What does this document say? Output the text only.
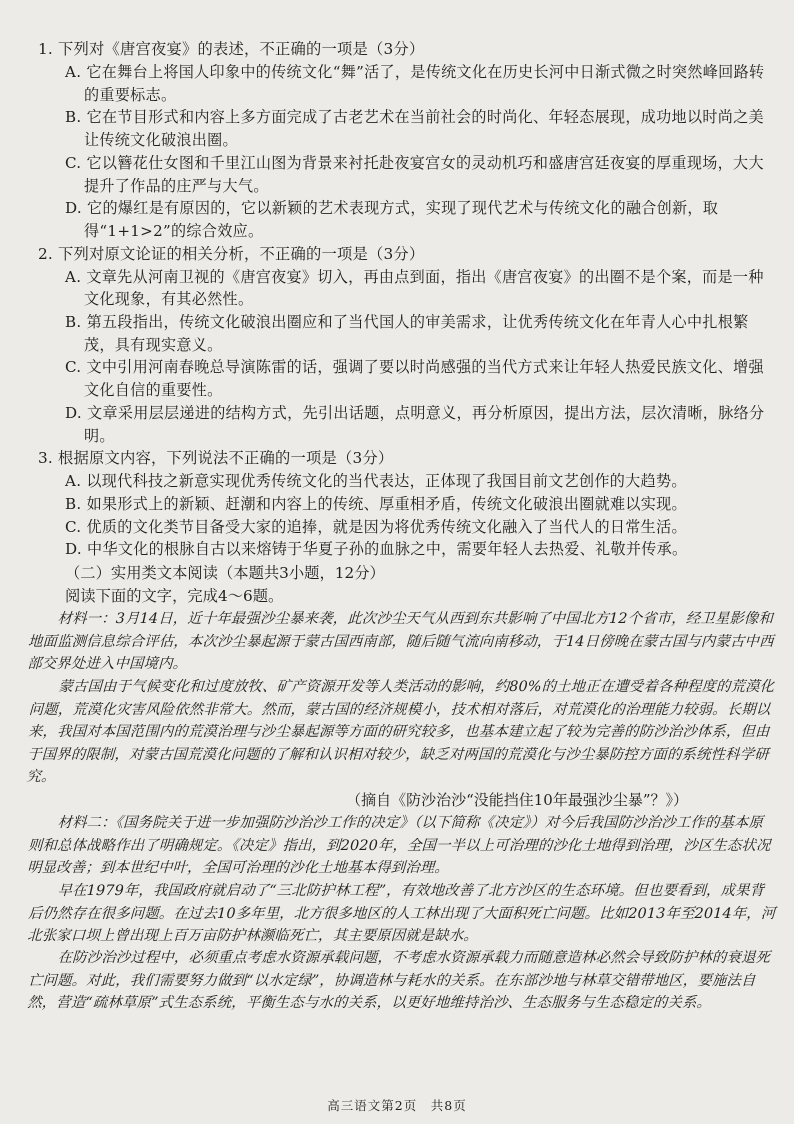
1. 下列对《唐宫夜宴》的表述，不正确的一项是（3分）

A. 它在舞台上将国人印象中的传统文化“舞”活了，是传统文化在历史长河中日渐式微之时突然峰回路转的重要标志。

B. 它在节目形式和内容上多方面完成了古老艺术在当前社会的时尚化、年轻态展现，成功地以时尚之美让传统文化破浪出圈。

C. 它以簪花仕女图和千里江山图为背景来衬托赴夜宴宫女的灵动机巧和盛唐宫廷夜宴的厚重现场，大大提升了作品的庄严与大气。

D. 它的爆红是有原因的，它以新颖的艺术表现方式，实现了现代艺术与传统文化的融合创新，取得“1+1>2”的综合效应。

2. 下列对原文论证的相关分析，不正确的一项是（3分）

A. 文章先从河南卫视的《唐宫夜宴》切入，再由点到面，指出《唐宫夜宴》的出圈不是个案，而是一种文化现象，有其必然性。

B. 第五段指出，传统文化破浪出圈应和了当代国人的审美需求，让优秀传统文化在年青人心中扎根繁茂，具有现实意义。

C. 文中引用河南春晚总导演陈雷的话，强调了要以时尚感强的当代方式来让年轻人热爱民族文化、增强文化自信的重要性。

D. 文章采用层层递进的结构方式，先引出话题，点明意义，再分析原因，提出方法，层次清晰，脉络分明。

3. 根据原文内容，下列说法不正确的一项是（3分）

A. 以现代科技之新意实现优秀传统文化的当代表达，正体现了我国目前文艺创作的大趋势。

B. 如果形式上的新颖、赶潮和内容上的传统、厚重相矛盾，传统文化破浪出圈就难以实现。

C. 优质的文化类节目备受大家的追捧，就是因为将优秀传统文化融入了当代人的日常生活。

D. 中华文化的根脉自古以来熔铸于华夏子孙的血脉之中，需要年轻人去热爱、礼敬并传承。

（二）实用类文本阅读（本题共3小题，12分）

阅读下面的文字，完成4～6题。

材料一：3月14日，近十年最强沙尘暴来袭，此次沙尘天气从西到东共影响了中国北方12个省市，经卫星影像和地面监测信息综合评估，本次沙尘暴起源于蒙古国西南部，随后随气流向南移动，于14日傍晚在蒙古国与内蒙古中西部交界处进入中国境内。

蒙古国由于气候变化和过度放牧、矿产资源开发等人类活动的影响，约80%的土地正在遭受着各种程度的荒漠化问题，荒漠化灾害风险依然非常大。然而，蒙古国的经济规模小，技术相对落后，对荒漠化的治理能力较弱。长期以来，我国对本国范围内的荒漠治理与沙尘暴起源等方面的研究较多，也基本建立起了较为完善的防沙治沙体系，但由于国界的限制，对蒙古国荒漠化问题的了解和认识相对较少，缺乏对两国的荒漠化与沙尘暴防控方面的系统性科学研究。

（摘自《防沙治沙“没能挡住10年最强沙尘暴”？》）

材料二：《国务院关于进一步加强防沙治沙工作的决定》（以下简称《决定》）对今后我国防沙治沙工作的基本原则和总体战略作出了明确规定。《决定》指出，到2020年，全国一半以上可治理的沙化土地得到治理，沙区生态状况明显改善；到本世纪中叶，全国可治理的沙化土地基本得到治理。

早在1979年，我国政府就启动了“三北防护林工程”，有效地改善了北方沙区的生态环境。但也要看到，成果背后仍然存在很多问题。在过去10多年里，北方很多地区的人工林出现了大面积死亡问题。比如2013年至2014年，河北张家口坝上曾出现上百万亩防护林濒临死亡，其主要原因就是缺水。

在防沙治沙过程中，必须重点考虑水资源承载问题，不考虑水资源承载力而随意造林必然会导致防护林的衰退死亡问题。对此，我们需要努力做到“以水定绿”，协调造林与耗水的关系。在东部沙地与林草交错带地区，要施法自然，营造“疏林草原”式生态系统，平衡生态与水的关系，以更好地维持治沙、生态服务与生态稳定的关系。

高三语文第2页　共8页
